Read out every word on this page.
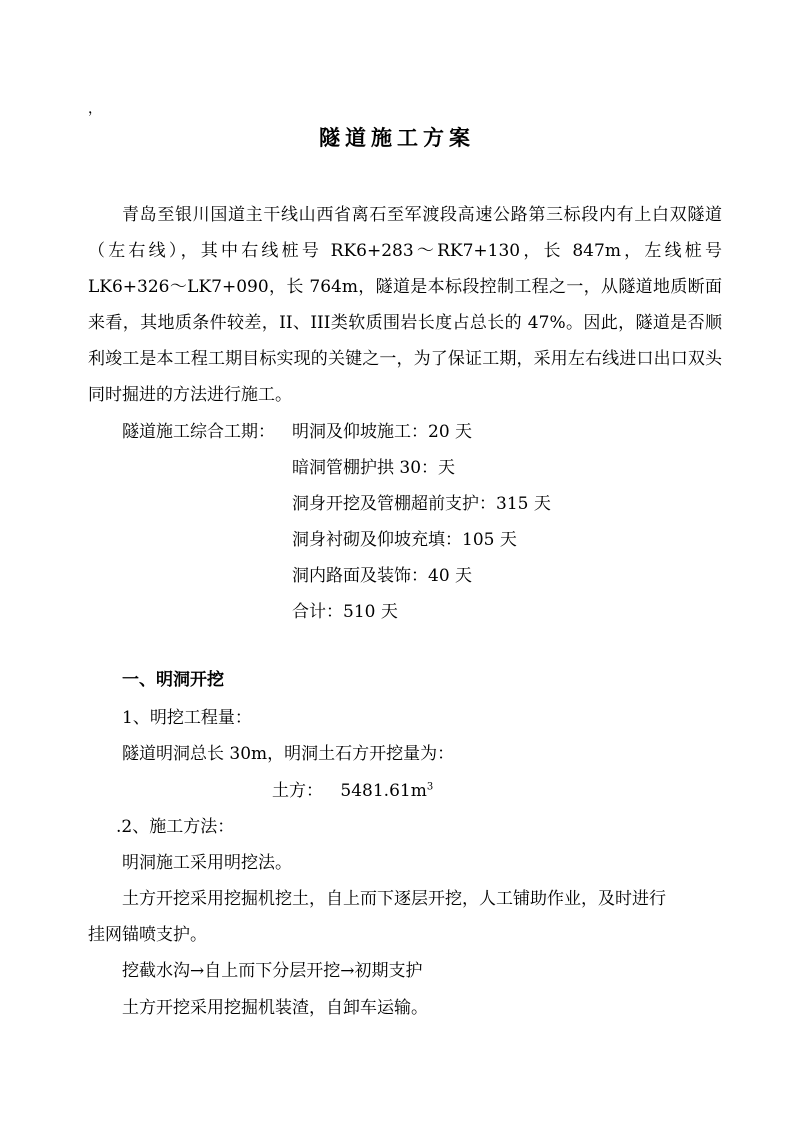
，
隧道施工方案

青岛至银川国道主干线山西省离石至军渡段高速公路第三标段内有上白双隧道（左右线），其中右线桩号 RK6+283～RK7+130，长 847m，左线桩号 LK6+326～LK7+090，长 764m，隧道是本标段控制工程之一，从隧道地质断面来看，其地质条件较差，II、III类软质围岩长度占总长的 47%。因此，隧道是否顺利竣工是本工程工期目标实现的关键之一，为了保证工期，采用左右线进口出口双头同时掘进的方法进行施工。

隧道施工综合工期： 明洞及仰坡施工：20 天
暗洞管棚护拱 30：天
洞身开挖及管棚超前支护：315 天
洞身衬砌及仰坡充填：105 天
洞内路面及装饰：40 天
合计：510 天
一、明洞开挖
1、明挖工程量：
隧道明洞总长 30m，明洞土石方开挖量为：
土方： $5481.61m^3$
.2、施工方法：
明洞施工采用明挖法。
土方开挖采用挖掘机挖土，自上而下逐层开挖，人工铺助作业，及时进行
挂网锚喷支护。
挖截水沟→自上而下分层开挖→初期支护
土方开挖采用挖掘机装渣，自卸车运输。
